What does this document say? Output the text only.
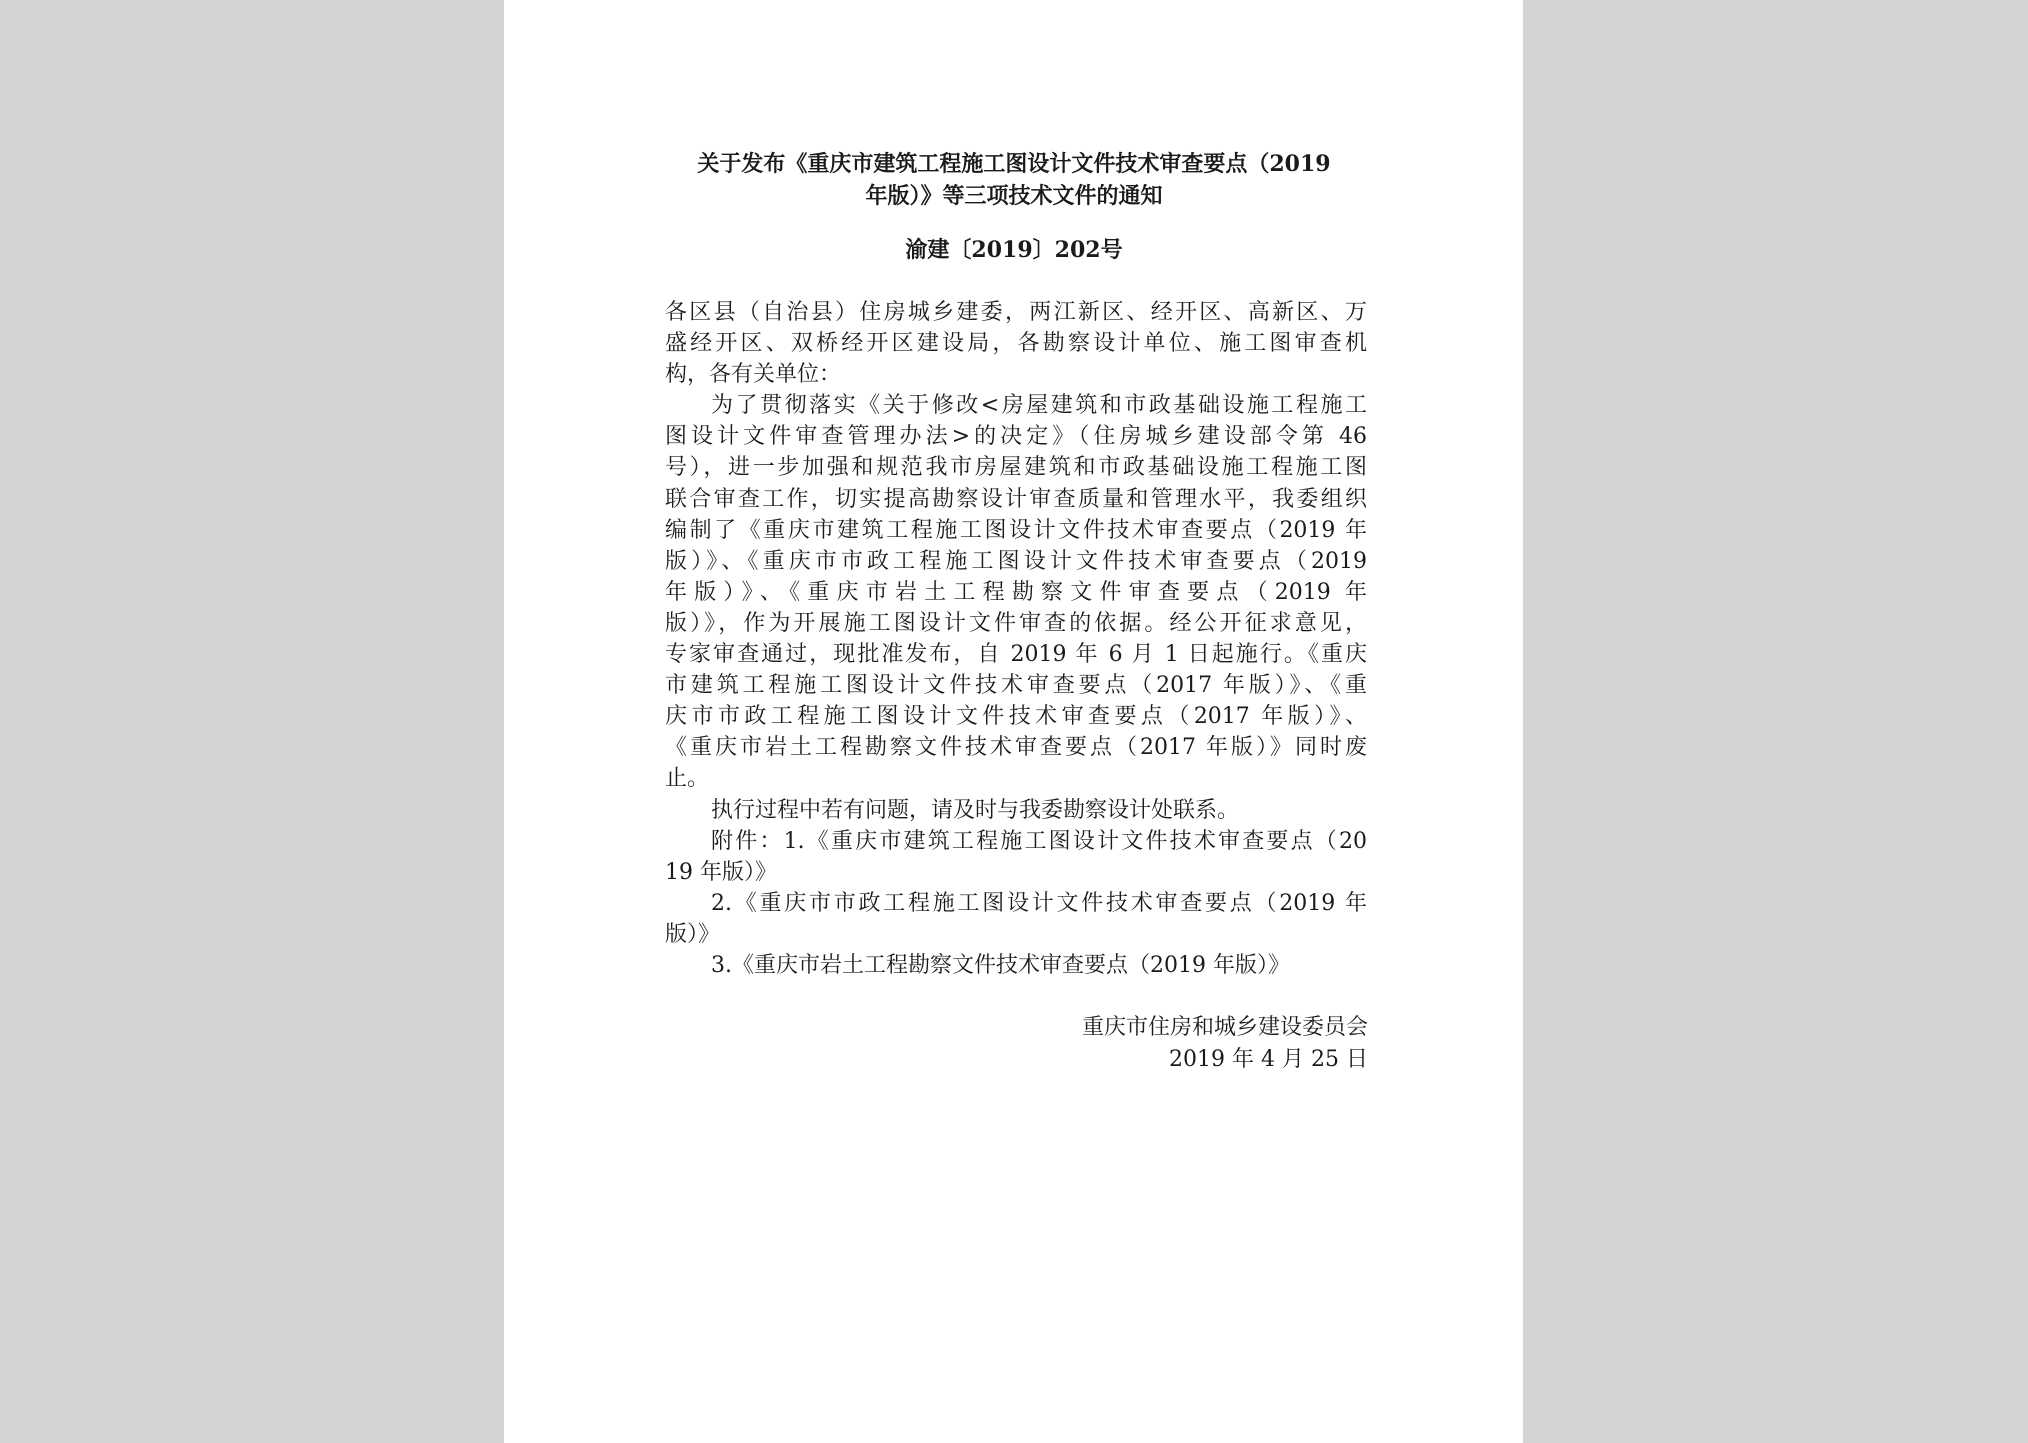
关于发布《重庆市建筑工程施工图设计文件技术审查要点（2019
年版）》等三项技术文件的通知
渝建〔2019〕202号
各区县（自治县）住房城乡建委，两江新区、经开区、高新区、万
盛经开区、双桥经开区建设局，各勘察设计单位、施工图审查机
构，各有关单位：
为了贯彻落实《关于修改<房屋建筑和市政基础设施工程施工
图设计文件审查管理办法>的决定》（住房城乡建设部令第 46
号），进一步加强和规范我市房屋建筑和市政基础设施工程施工图
联合审查工作，切实提高勘察设计审查质量和管理水平，我委组织
编制了《重庆市建筑工程施工图设计文件技术审查要点（2019 年
版）》、《重庆市市政工程施工图设计文件技术审查要点（2019
年版）》、《重庆市岩土工程勘察文件审查要点（2019 年
版）》，作为开展施工图设计文件审查的依据。经公开征求意见，
专家审查通过，现批准发布，自 2019 年 6 月 1 日起施行。《重庆
市建筑工程施工图设计文件技术审查要点（2017 年版）》、《重
庆市市政工程施工图设计文件技术审查要点（2017 年版）》、
《重庆市岩土工程勘察文件技术审查要点（2017 年版）》同时废
止。
执行过程中若有问题，请及时与我委勘察设计处联系。
附件：1.《重庆市建筑工程施工图设计文件技术审查要点（20
19 年版）》
2.《重庆市市政工程施工图设计文件技术审查要点（2019 年
版）》
3.《重庆市岩土工程勘察文件技术审查要点（2019 年版）》
重庆市住房和城乡建设委员会
2019 年 4 月 25 日
